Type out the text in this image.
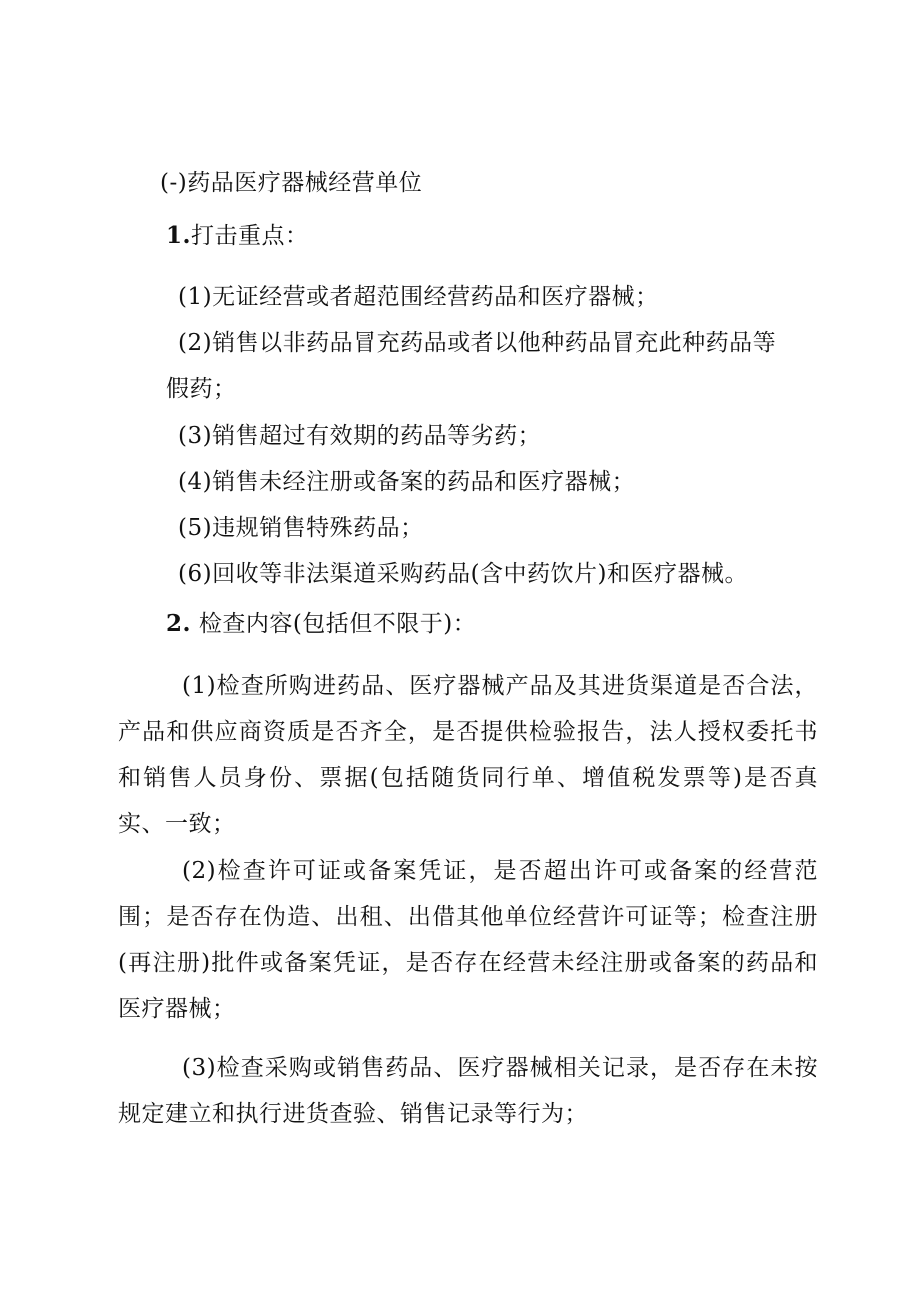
(-)药品医疗器械经营单位
1.打击重点：
(1)无证经营或者超范围经营药品和医疗器械；
(2)销售以非药品冒充药品或者以他种药品冒充此种药品等
假药；
(3)销售超过有效期的药品等劣药；
(4)销售未经注册或备案的药品和医疗器械；
(5)违规销售特殊药品；
(6)回收等非法渠道采购药品(含中药饮片)和医疗器械。
2. 检查内容(包括但不限于)：
(1)检查所购进药品、医疗器械产品及其进货渠道是否合法，产品和供应商资质是否齐全，是否提供检验报告，法人授权委托书和销售人员身份、票据(包括随货同行单、增值税发票等)是否真实、一致；
(2)检查许可证或备案凭证，是否超出许可或备案的经营范围；是否存在伪造、出租、出借其他单位经营许可证等；检查注册(再注册)批件或备案凭证，是否存在经营未经注册或备案的药品和医疗器械；
(3)检查采购或销售药品、医疗器械相关记录，是否存在未按规定建立和执行进货查验、销售记录等行为；
